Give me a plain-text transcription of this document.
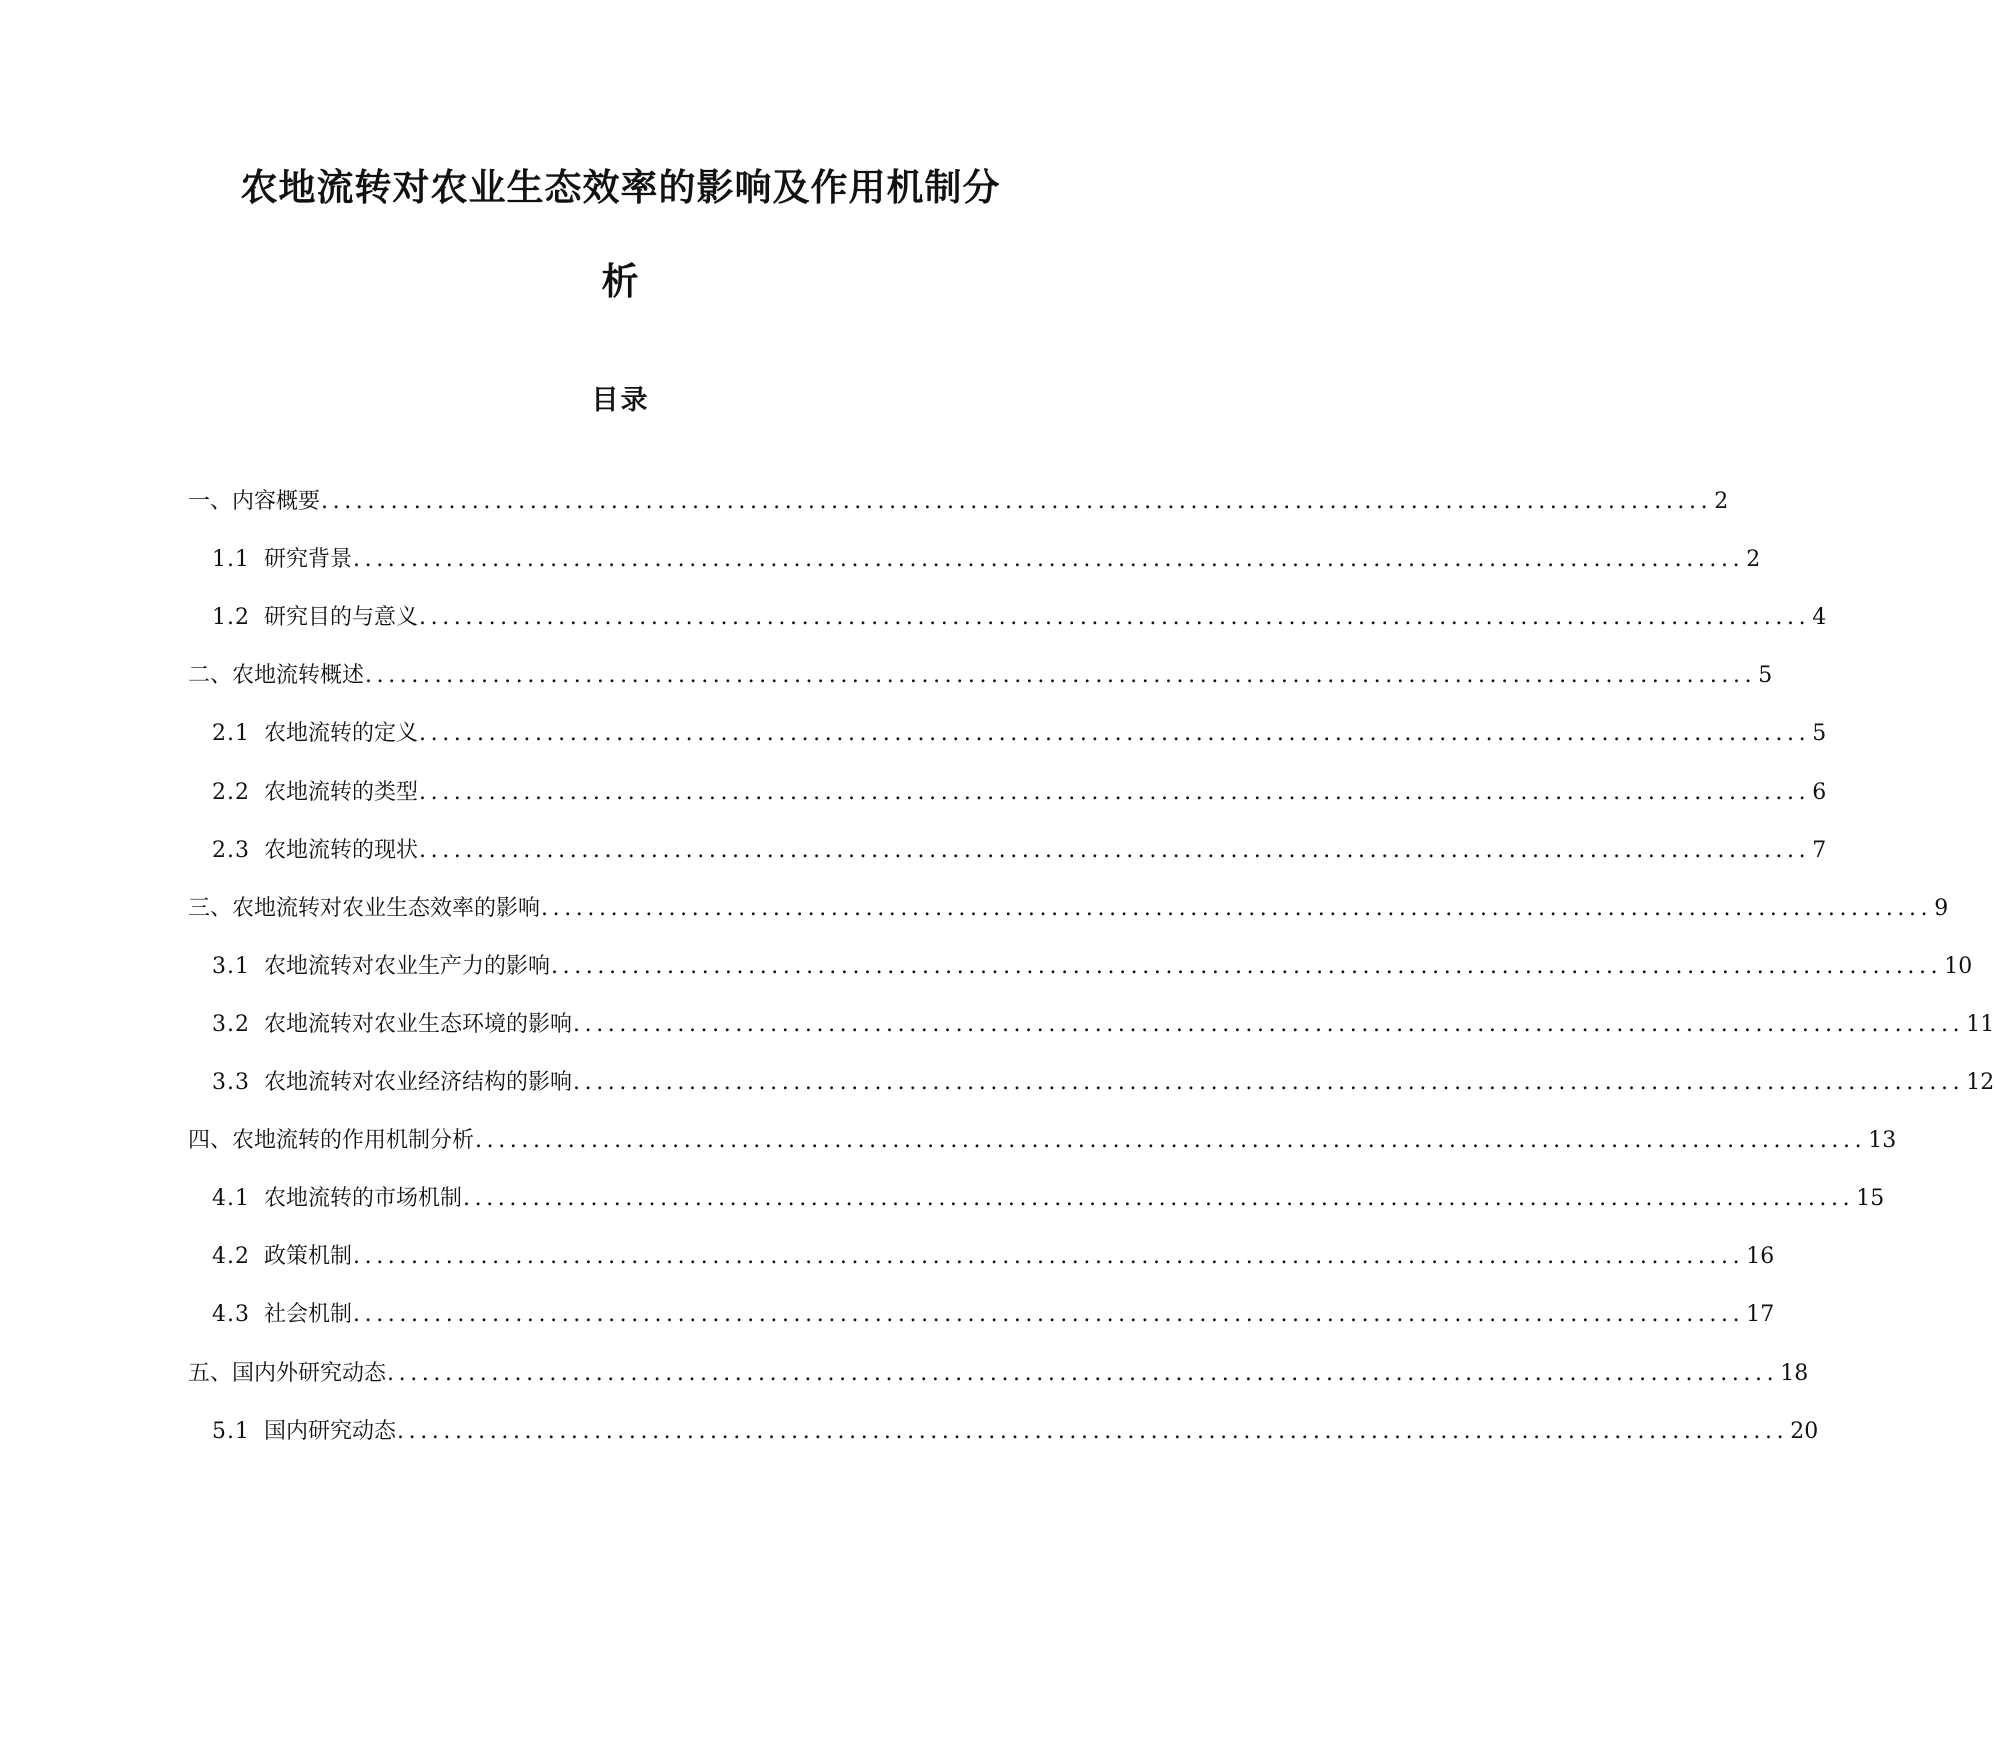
农地流转对农业生态效率的影响及作用机制分
析
目录
一、内容概要 ........................................................................................................................ 2
1.1 研究背景 ........................................................................................................................ 2
1.2 研究目的与意义 ........................................................................................................................ 4
二、农地流转概述 ........................................................................................................................ 5
2.1 农地流转的定义 ........................................................................................................................ 5
2.2 农地流转的类型 ........................................................................................................................ 6
2.3 农地流转的现状 ........................................................................................................................ 7
三、农地流转对农业生态效率的影响 ........................................................................................................................ 9
3.1 农地流转对农业生产力的影响 ........................................................................................................................ 10
3.2 农地流转对农业生态环境的影响 ........................................................................................................................ 11
3.3 农地流转对农业经济结构的影响 ........................................................................................................................ 12
四、农地流转的作用机制分析 ........................................................................................................................ 13
4.1 农地流转的市场机制 ........................................................................................................................ 15
4.2 政策机制 ........................................................................................................................ 16
4.3 社会机制 ........................................................................................................................ 17
五、国内外研究动态 ........................................................................................................................ 18
5.1 国内研究动态 ........................................................................................................................ 20
